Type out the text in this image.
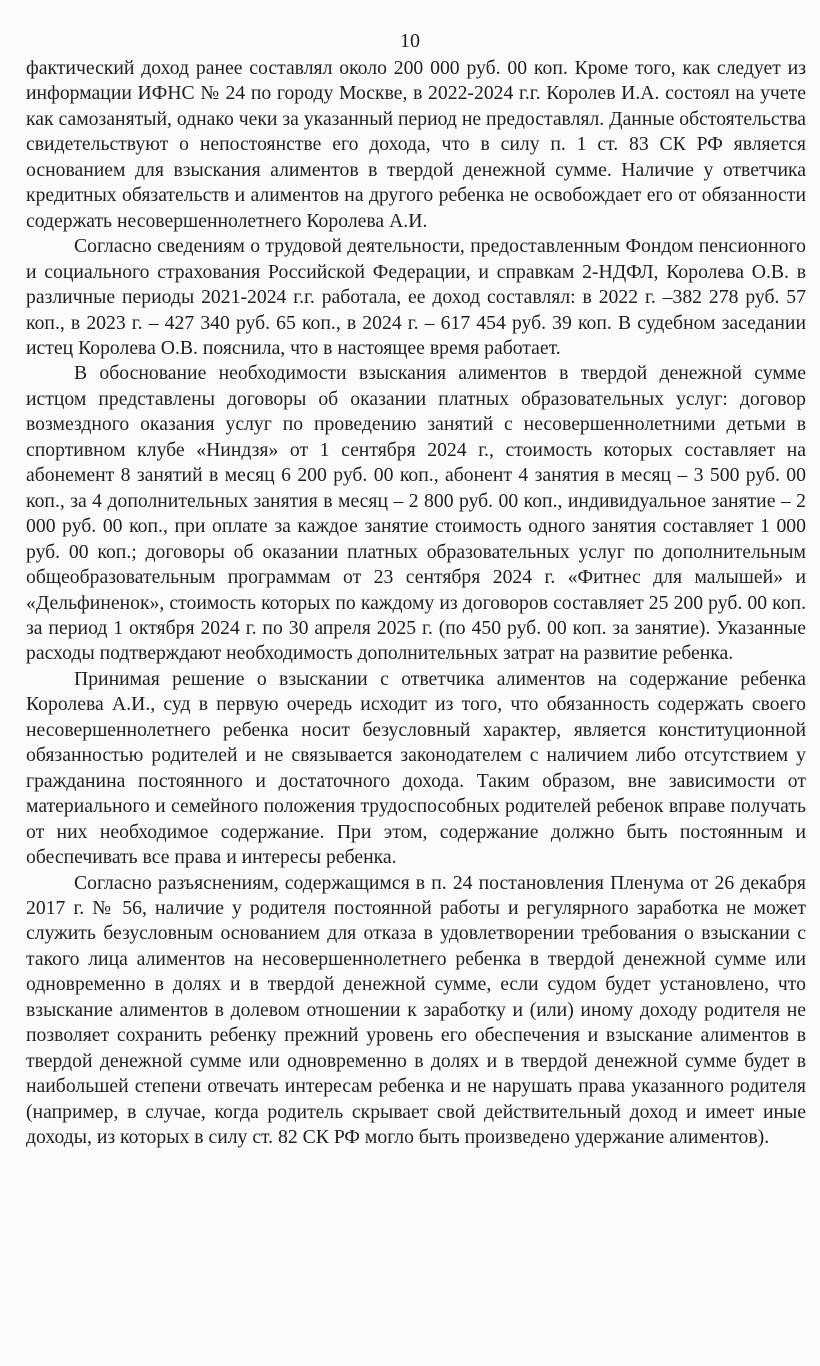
10

фактический доход ранее составлял около 200 000 руб. 00 коп. Кроме того, как следует из информации ИФНС № 24 по городу Москве, в 2022-2024 г.г. Королев И.А. состоял на учете как самозанятый, однако чеки за указанный период не предоставлял. Данные обстоятельства свидетельствуют о непостоянстве его дохода, что в силу п. 1 ст. 83 СК РФ является основанием для взыскания алиментов в твердой денежной сумме. Наличие у ответчика кредитных обязательств и алиментов на другого ребенка не освобождает его от обязанности содержать несовершеннолетнего Королева А.И.

Согласно сведениям о трудовой деятельности, предоставленным Фондом пенсионного и социального страхования Российской Федерации, и справкам 2-НДФЛ, Королева О.В. в различные периоды 2021-2024 г.г. работала, ее доход составлял: в 2022 г. –382 278 руб. 57 коп., в 2023 г. – 427 340 руб. 65 коп., в 2024 г. – 617 454 руб. 39 коп. В судебном заседании истец Королева О.В. пояснила, что в настоящее время работает.

В обоснование необходимости взыскания алиментов в твердой денежной сумме истцом представлены договоры об оказании платных образовательных услуг: договор возмездного оказания услуг по проведению занятий с несовершеннолетними детьми в спортивном клубе «Ниндзя» от 1 сентября 2024 г., стоимость которых составляет на абонемент 8 занятий в месяц 6 200 руб. 00 коп., абонент 4 занятия в месяц – 3 500 руб. 00 коп., за 4 дополнительных занятия в месяц – 2 800 руб. 00 коп., индивидуальное занятие – 2 000 руб. 00 коп., при оплате за каждое занятие стоимость одного занятия составляет 1 000 руб. 00 коп.; договоры об оказании платных образовательных услуг по дополнительным общеобразовательным программам от 23 сентября 2024 г. «Фитнес для малышей» и «Дельфиненок», стоимость которых по каждому из договоров составляет 25 200 руб. 00 коп. за период 1 октября 2024 г. по 30 апреля 2025 г. (по 450 руб. 00 коп. за занятие). Указанные расходы подтверждают необходимость дополнительных затрат на развитие ребенка.

Принимая решение о взыскании с ответчика алиментов на содержание ребенка Королева А.И., суд в первую очередь исходит из того, что обязанность содержать своего несовершеннолетнего ребенка носит безусловный характер, является конституционной обязанностью родителей и не связывается законодателем с наличием либо отсутствием у гражданина постоянного и достаточного дохода. Таким образом, вне зависимости от материального и семейного положения трудоспособных родителей ребенок вправе получать от них необходимое содержание. При этом, содержание должно быть постоянным и обеспечивать все права и интересы ребенка.

Согласно разъяснениям, содержащимся в п. 24 постановления Пленума от 26 декабря 2017 г. № 56, наличие у родителя постоянной работы и регулярного заработка не может служить безусловным основанием для отказа в удовлетворении требования о взыскании с такого лица алиментов на несовершеннолетнего ребенка в твердой денежной сумме или одновременно в долях и в твердой денежной сумме, если судом будет установлено, что взыскание алиментов в долевом отношении к заработку и (или) иному доходу родителя не позволяет сохранить ребенку прежний уровень его обеспечения и взыскание алиментов в твердой денежной сумме или одновременно в долях и в твердой денежной сумме будет в наибольшей степени отвечать интересам ребенка и не нарушать права указанного родителя (например, в случае, когда родитель скрывает свой действительный доход и имеет иные доходы, из которых в силу ст. 82 СК РФ могло быть произведено удержание алиментов).
